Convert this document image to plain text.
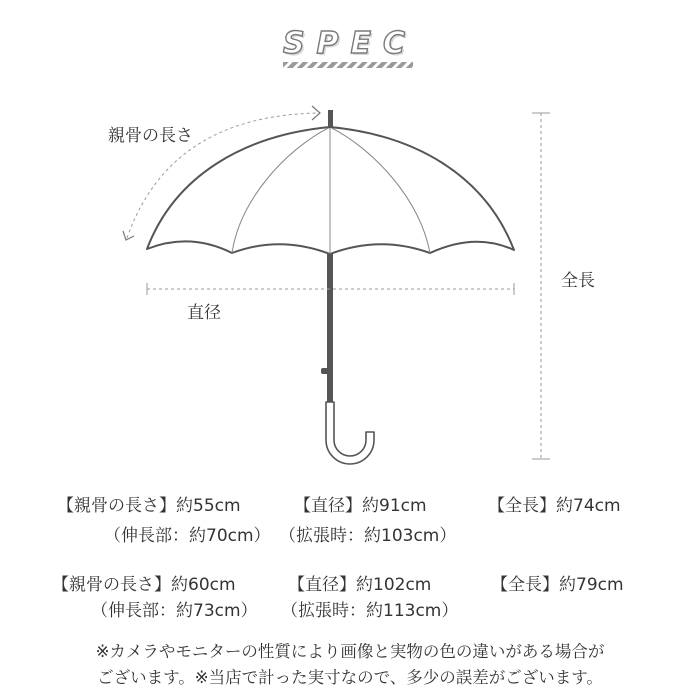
SPEC
親骨の長さ
直径
全長
【親骨の長さ】約55cm	【直径】約91cm	【全長】約74cm
（伸長部：約70cm） （拡張時：約103cm）
【親骨の長さ】約60cm	【直径】約102cm	【全長】約79cm
（伸長部：約73cm） （拡張時：約113cm）
※カメラやモニターの性質により画像と実物の色の違いがある場合が
ございます。※当店で計った実寸なので、多少の誤差がございます。
